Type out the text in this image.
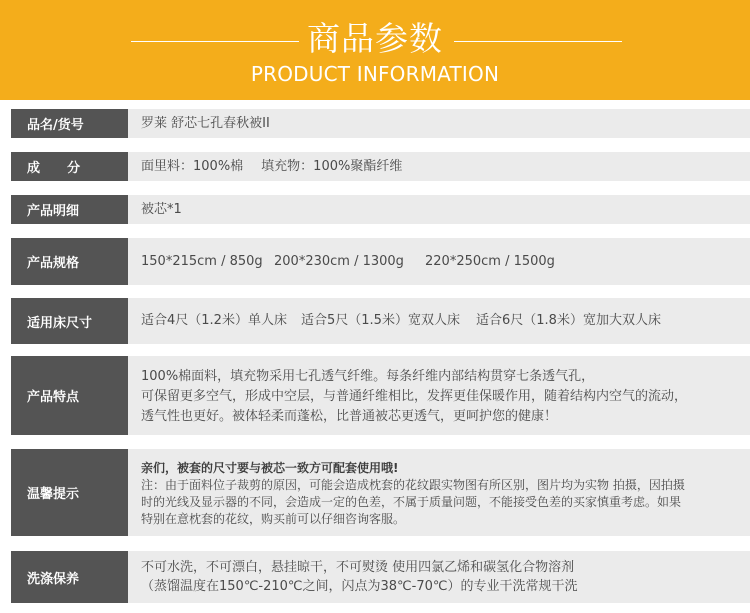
商品参数
PRODUCT INFORMATION
品名/货号	罗莱 舒芯七孔春秋被II
成      分	面里料：100%棉 填充物：100%聚酯纤维
产品明细	被芯*1
产品规格	150*215cm / 850g 200*230cm / 1300g	220*250cm / 1500g
适用床尺寸	适合4尺（1.2米）单人床	适合5尺（1.5米）宽双人床	适合6尺（1.8米）宽加大双人床
产品特点
100%棉面料，填充物采用七孔透气纤维。每条纤维内部结构贯穿七条透气孔，
可保留更多空气，形成中空层，与普通纤维相比，发挥更佳保暖作用，随着结构内空气的流动，
透气性也更好。被体轻柔而蓬松，比普通被芯更透气，更呵护您的健康！
温馨提示
亲们，被套的尺寸要与被芯一致方可配套使用哦!
注：由于面料位子裁剪的原因，可能会造成枕套的花纹跟实物图有所区别，图片均为实物 拍摄，因拍摄
时的光线及显示器的不同，会造成一定的色差，不属于质量问题，不能接受色差的买家慎重考虑。如果
特别在意枕套的花纹，购买前可以仔细咨询客服。
洗涤保养
不可水洗，不可漂白，悬挂晾干，不可熨烫 使用四氯乙烯和碳氢化合物溶剂
（蒸馏温度在150℃-210℃之间，闪点为38℃-70℃）的专业干洗常规干洗
